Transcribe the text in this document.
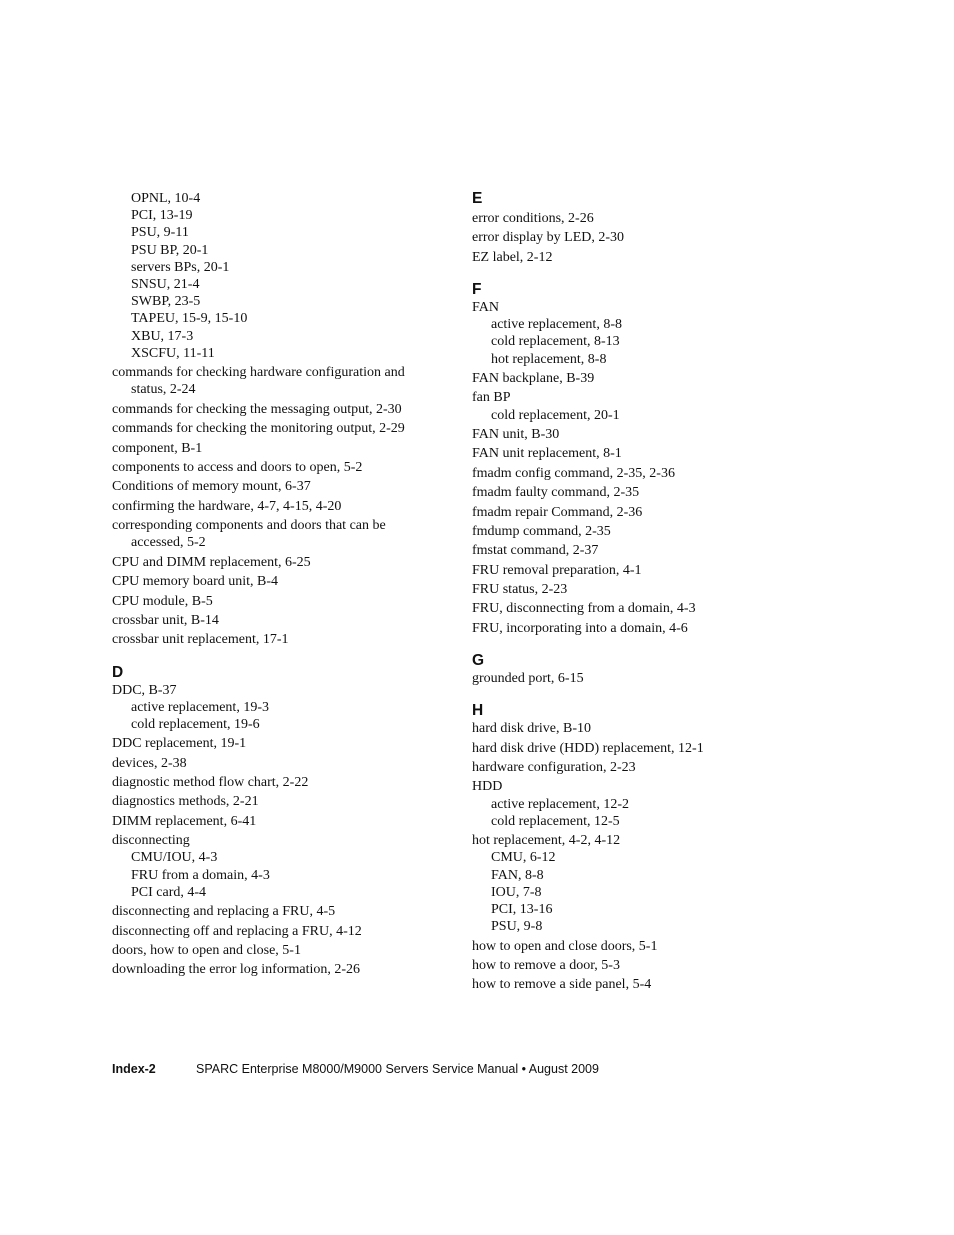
OPNL, 10-4
PCI, 13-19
PSU, 9-11
PSU BP, 20-1
servers BPs, 20-1
SNSU, 21-4
SWBP, 23-5
TAPEU, 15-9, 15-10
XBU, 17-3
XSCFU, 11-11
commands for checking hardware configuration and
status, 2-24
commands for checking the messaging output, 2-30
commands for checking the monitoring output, 2-29
component, B-1
components to access and doors to open, 5-2
Conditions of memory mount, 6-37
confirming the hardware, 4-7, 4-15, 4-20
corresponding components and doors that can be
accessed, 5-2
CPU and DIMM replacement, 6-25
CPU memory board unit, B-4
CPU module, B-5
crossbar unit, B-14
crossbar unit replacement, 17-1
D
DDC, B-37
active replacement, 19-3
cold replacement, 19-6
DDC replacement, 19-1
devices, 2-38
diagnostic method flow chart, 2-22
diagnostics methods, 2-21
DIMM replacement, 6-41
disconnecting
CMU/IOU, 4-3
FRU from a domain, 4-3
PCI card, 4-4
disconnecting and replacing a FRU, 4-5
disconnecting off and replacing a FRU, 4-12
doors, how to open and close, 5-1
downloading the error log information, 2-26
E
error conditions, 2-26
error display by LED, 2-30
EZ label, 2-12
F
FAN
active replacement, 8-8
cold replacement, 8-13
hot replacement, 8-8
FAN backplane, B-39
fan BP
cold replacement, 20-1
FAN unit, B-30
FAN unit replacement, 8-1
fmadm config command, 2-35, 2-36
fmadm faulty command, 2-35
fmadm repair Command, 2-36
fmdump command, 2-35
fmstat command, 2-37
FRU removal preparation, 4-1
FRU status, 2-23
FRU, disconnecting from a domain, 4-3
FRU, incorporating into a domain, 4-6
G
grounded port, 6-15
H
hard disk drive, B-10
hard disk drive (HDD) replacement, 12-1
hardware configuration, 2-23
HDD
active replacement, 12-2
cold replacement, 12-5
hot replacement, 4-2, 4-12
CMU, 6-12
FAN, 8-8
IOU, 7-8
PCI, 13-16
PSU, 9-8
how to open and close doors, 5-1
how to remove a door, 5-3
how to remove a side panel, 5-4
Index-2	SPARC Enterprise M8000/M9000 Servers Service Manual • August 2009
